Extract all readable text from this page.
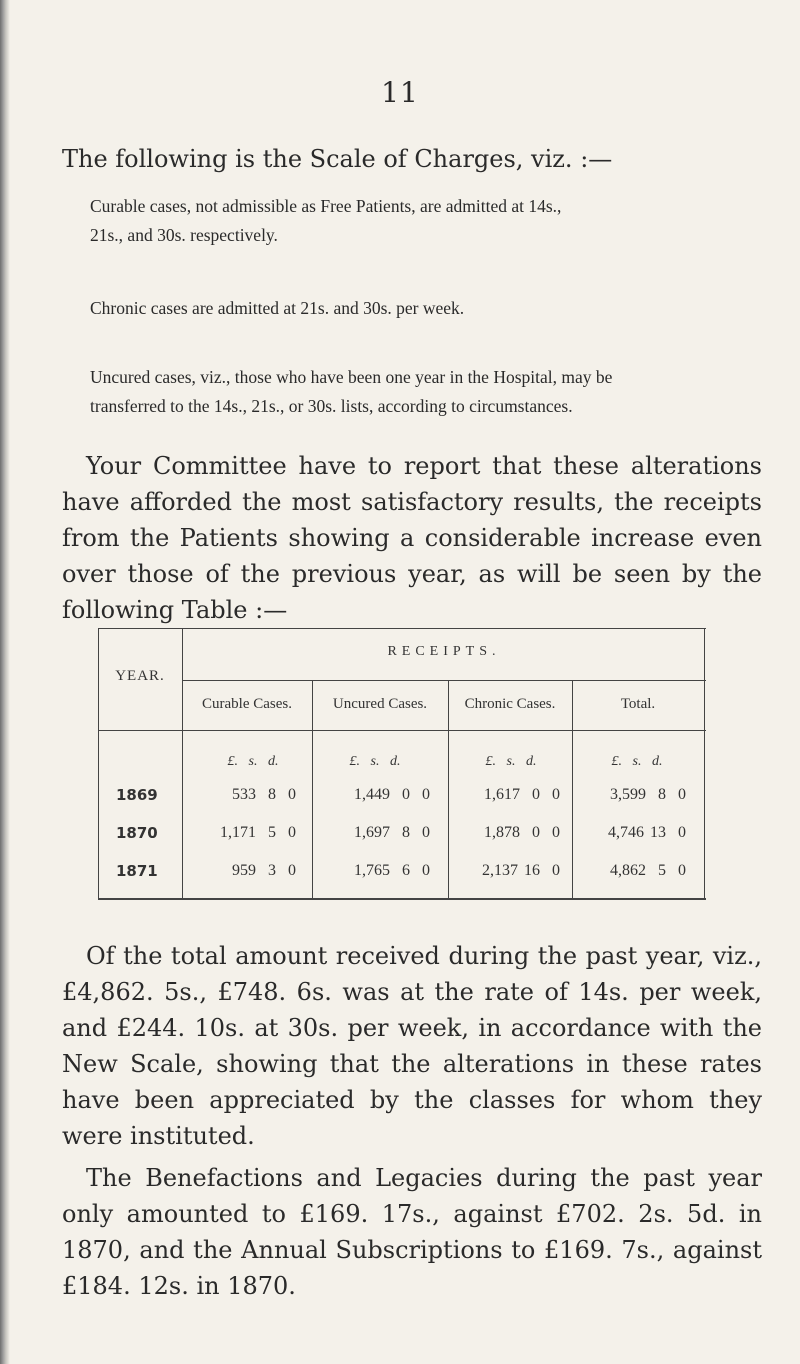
11
The following is the Scale of Charges, viz. :—

Curable cases, not admissible as Free Patients, are admitted at 14s.,

21s., and 30s. respectively.

Chronic cases are admitted at 21s. and 30s. per week.

Uncured cases, viz., those who have been one year in the Hospital, may be

transferred to the 14s., 21s., or 30s. lists, according to circumstances.

Your Committee have to report that these alterations have afforded the most satisfactory results, the receipts from the Patients showing a considerable increase even over those of the previous year, as will be seen by the following Table :—
YEAR.
RECEIPTS.
Curable Cases.	Uncured Cases.	Chronic Cases.	Total.
£.   s.   d.	£.   s.   d.	£.   s.   d.	£.   s.   d.
1869	533  8  0	1,449  0  0	1,617  0  0	3,599  8  0
1870	1,171  5  0	1,697  8  0	1,878  0  0	4,746 13  0
1871	959  3  0	1,765  6  0	2,137 16  0	4,862  5  0
Of the total amount received during the past year, viz., £4,862. 5s., £748. 6s. was at the rate of 14s. per week, and £244. 10s. at 30s. per week, in accordance with the New Scale, showing that the alterations in these rates have been appreciated by the classes for whom they were instituted.
The Benefactions and Legacies during the past year only amounted to £169. 17s., against £702. 2s. 5d. in 1870, and the Annual Subscriptions to £169. 7s., against £184. 12s. in 1870.
